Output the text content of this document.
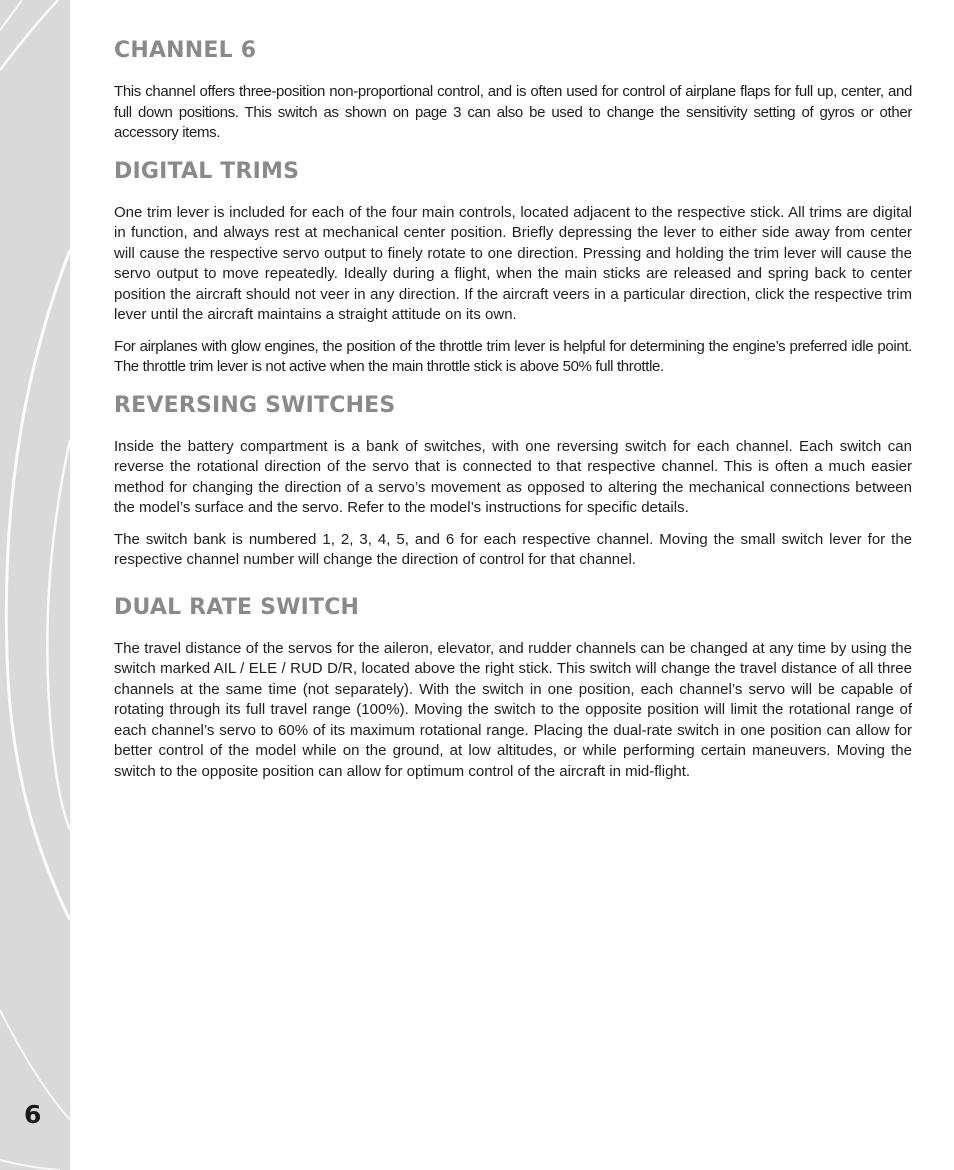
6
CHANNEL 6

This channel offers three-position non-proportional control, and is often used for control of airplane flaps for full up, center, and full down positions. This switch as shown on page 3 can also be used to change the sensitivity setting of gyros or other accessory items.

DIGITAL TRIMS

One trim lever is included for each of the four main controls, located adjacent to the respective stick. All trims are digital in function, and always rest at mechanical center position. Briefly depressing the lever to either side away from center will cause the respective servo output to finely rotate to one direction. Pressing and holding the trim lever will cause the servo output to move repeatedly. Ideally during a flight, when the main sticks are released and spring back to center position the aircraft should not veer in any direction. If the aircraft veers in a particular direction, click the respective trim lever until the aircraft maintains a straight attitude on its own.

For airplanes with glow engines, the position of the throttle trim lever is helpful for determining the engine’s preferred idle point. The throttle trim lever is not active when the main throttle stick is above 50% full throttle.

REVERSING SWITCHES

Inside the battery compartment is a bank of switches, with one reversing switch for each channel. Each switch can reverse the rotational direction of the servo that is connected to that respective channel. This is often a much easier method for changing the direction of a servo’s movement as opposed to altering the mechanical connections between the model’s surface and the servo. Refer to the model’s instructions for specific details.

The switch bank is numbered 1, 2, 3, 4, 5, and 6 for each respective channel. Moving the small switch lever for the respective channel number will change the direction of control for that channel.

DUAL RATE SWITCH

The travel distance of the servos for the aileron, elevator, and rudder channels can be changed at any time by using the switch marked AIL / ELE / RUD D/R, located above the right stick. This switch will change the travel distance of all three channels at the same time (not separately). With the switch in one position, each channel’s servo will be capable of rotating through its full travel range (100%). Moving the switch to the opposite position will limit the rotational range of each channel’s servo to 60% of its maximum rotational range. Placing the dual-rate switch in one position can allow for better control of the model while on the ground, at low altitudes, or while performing certain maneuvers. Moving the switch to the opposite position can allow for optimum control of the aircraft in mid-flight.
